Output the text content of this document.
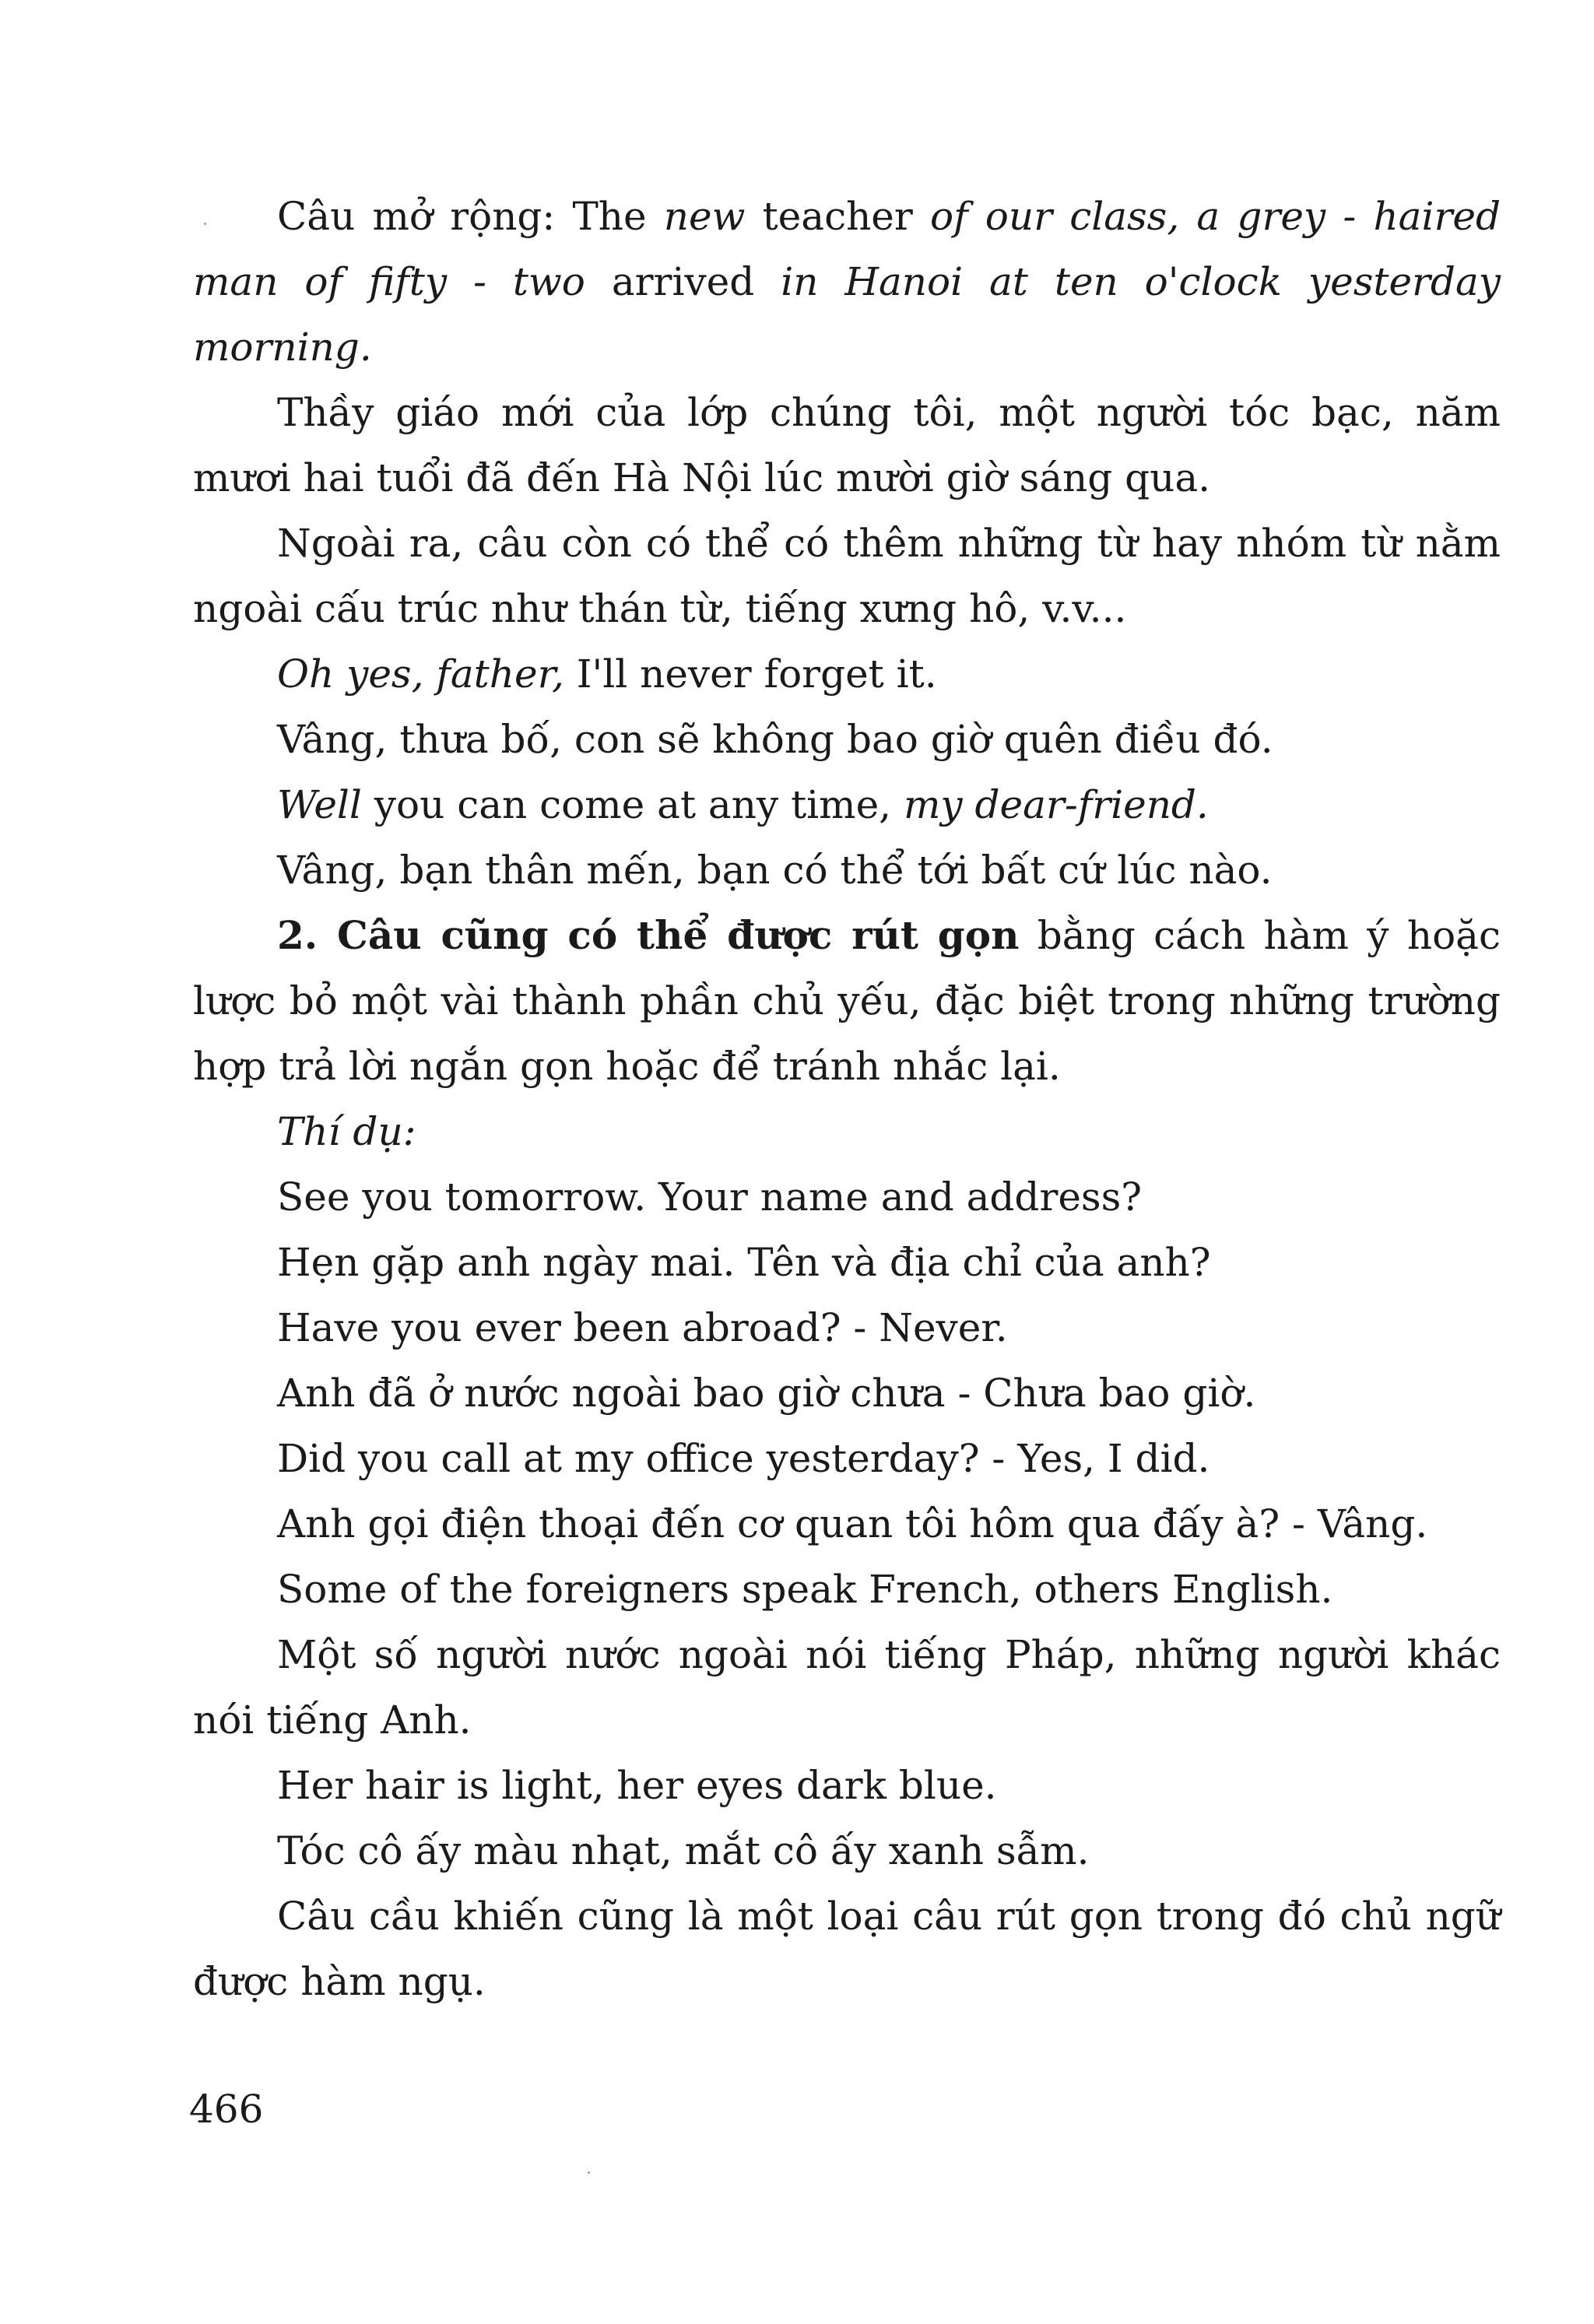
Câu mở rộng: The new teacher of our class, a grey - haired man of fifty - two arrived in Hanoi at ten o'clock yesterday morning.

Thầy giáo mới của lớp chúng tôi, một người tóc bạc, năm mươi hai tuổi đã đến Hà Nội lúc mười giờ sáng qua.

Ngoài ra, câu còn có thể có thêm những từ hay nhóm từ nằm ngoài cấu trúc như thán từ, tiếng xưng hô, v.v...

Oh yes, father, I'll never forget it.

Vâng, thưa bố, con sẽ không bao giờ quên điều đó.

Well you can come at any time, my dear-friend.

Vâng, bạn thân mến, bạn có thể tới bất cứ lúc nào.

2. Câu cũng có thể được rút gọn bằng cách hàm ý hoặc lược bỏ một vài thành phần chủ yếu, đặc biệt trong những trường hợp trả lời ngắn gọn hoặc để tránh nhắc lại.

Thí dụ:

See you tomorrow. Your name and address?

Hẹn gặp anh ngày mai. Tên và địa chỉ của anh?

Have you ever been abroad? - Never.

Anh đã ở nước ngoài bao giờ chưa - Chưa bao giờ.

Did you call at my office yesterday? - Yes, I did.

Anh gọi điện thoại đến cơ quan tôi hôm qua đấy à? - Vâng.

Some of the foreigners speak French, others English.

Một số người nước ngoài nói tiếng Pháp, những người khác nói tiếng Anh.

Her hair is light, her eyes dark blue.

Tóc cô ấy màu nhạt, mắt cô ấy xanh sẫm.

Câu cầu khiến cũng là một loại câu rút gọn trong đó chủ ngữ được hàm ngụ.

466
